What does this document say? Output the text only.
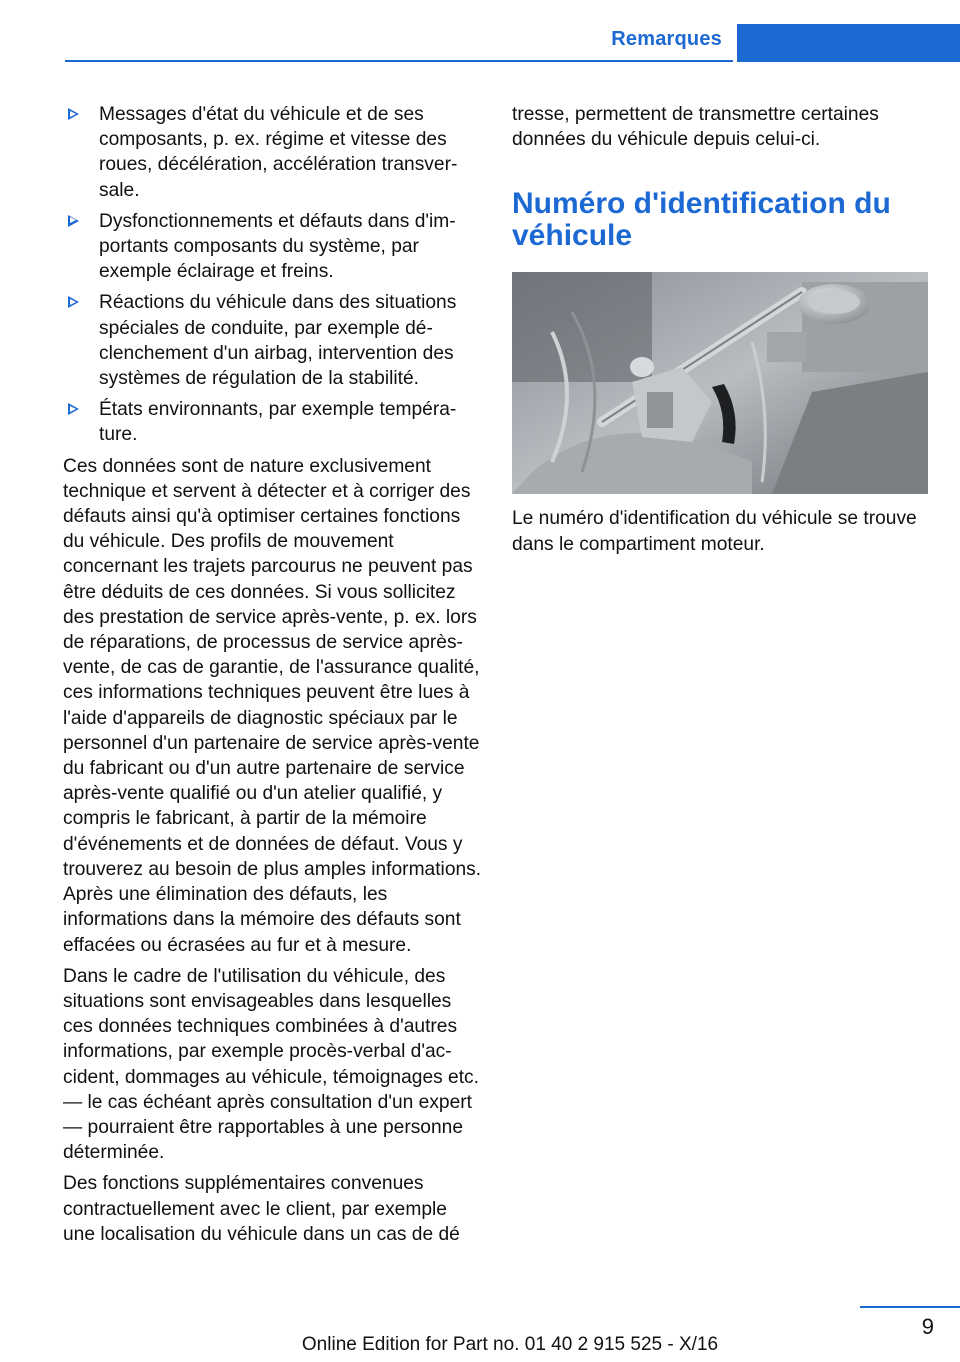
Remarques
Messages d'état du véhicule et de ses composants, p. ex. régime et vitesse des roues, décélération, accélération transversale.
Dysfonctionnements et défauts dans d'importants composants du système, par exemple éclairage et freins.
Réactions du véhicule dans des situations spéciales de conduite, par exemple déclenchement d'un airbag, intervention des systèmes de régulation de la stabilité.
États environnants, par exemple température.

Ces données sont de nature exclusivement technique et servent à détecter et à corriger des défauts ainsi qu'à optimiser certaines fonctions du véhicule. Des profils de mouvement concernant les trajets parcourus ne peuvent pas être déduits de ces données. Si vous sollicitez des prestation de service après-vente, p. ex. lors de réparations, de processus de service après-vente, de cas de garantie, de l'assurance qualité, ces informations techniques peuvent être lues à l'aide d'appareils de diagnostic spéciaux par le personnel d'un partenaire de service après-vente du fabricant ou d'un autre partenaire de service après-vente qualifié ou d'un atelier qualifié, y compris le fabricant, à partir de la mémoire d'événements et de données de défaut. Vous y trouverez au besoin de plus amples informations. Après une élimination des défauts, les informations dans la mémoire des défauts sont effacées ou écrasées au fur et à mesure.

Dans le cadre de l'utilisation du véhicule, des situations sont envisageables dans lesquelles ces données techniques combinées à d'autres informations, par exemple procès-verbal d'accident, dommages au véhicule, témoignages etc. — le cas échéant après consultation d'un expert — pourraient être rapportables à une personne déterminée.

Des fonctions supplémentaires convenues contractuellement avec le client, par exemple une localisation du véhicule dans un cas de dé

tresse, permettent de transmettre certaines données du véhicule depuis celui-ci.

Numéro d'identification du véhicule

Le numéro d'identification du véhicule se trouve dans le compartiment moteur.

9
Online Edition for Part no. 01 40 2 915 525 - X/16
